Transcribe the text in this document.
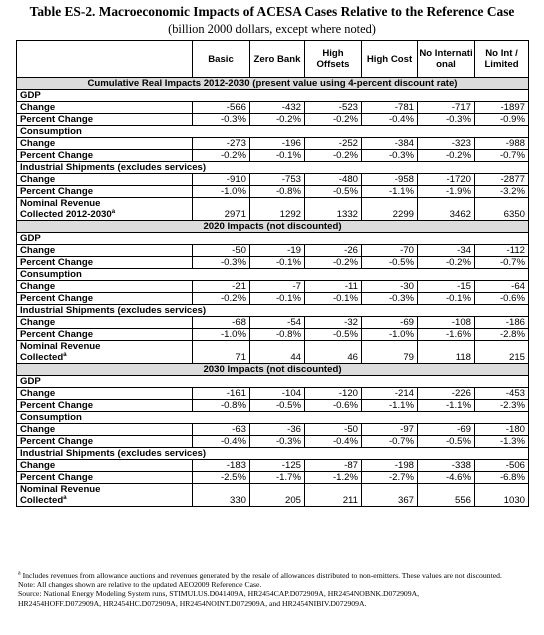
Table ES-2. Macroeconomic Impacts of ACESA Cases Relative to the Reference Case
(billion 2000 dollars, except where noted)
	Basic	Zero Bank	High Offsets	High Cost	No Internati onal	No Int / Limited
Cumulative Real Impacts 2012-2030 (present value using 4-percent discount rate)						
GDP						
Change	-566	-432	-523	-781	-717	-1897
Percent Change	-0.3%	-0.2%	-0.2%	-0.4%	-0.3%	-0.9%
Consumption						
Change	-273	-196	-252	-384	-323	-988
Percent Change	-0.2%	-0.1%	-0.2%	-0.3%	-0.2%	-0.7%
Industrial Shipments (excludes services)						
Change	-910	-753	-480	-958	-1720	-2877
Percent Change	-1.0%	-0.8%	-0.5%	-1.1%	-1.9%	-3.2%
Nominal Revenue
Collected 2012-2030$^a$	2971	1292	1332	2299	3462	6350
2020 Impacts (not discounted)						
GDP						
Change	-50	-19	-26	-70	-34	-112
Percent Change	-0.3%	-0.1%	-0.2%	-0.5%	-0.2%	-0.7%
Consumption						
Change	-21	-7	-11	-30	-15	-64
Percent Change	-0.2%	-0.1%	-0.1%	-0.3%	-0.1%	-0.6%
Industrial Shipments (excludes services)						
Change	-68	-54	-32	-69	-108	-186
Percent Change	-1.0%	-0.8%	-0.5%	-1.0%	-1.6%	-2.8%
Nominal Revenue
Collected$^a$	71	44	46	79	118	215
2030 Impacts (not discounted)						
GDP						
Change	-161	-104	-120	-214	-226	-453
Percent Change	-0.8%	-0.5%	-0.6%	-1.1%	-1.1%	-2.3%
Consumption						
Change	-63	-36	-50	-97	-69	-180
Percent Change	-0.4%	-0.3%	-0.4%	-0.7%	-0.5%	-1.3%
Industrial Shipments (excludes services)						
Change	-183	-125	-87	-198	-338	-506
Percent Change	-2.5%	-1.7%	-1.2%	-2.7%	-4.6%	-6.8%
Nominal Revenue
Collected$^a$	330	205	211	367	556	1030
$^a$ Includes revenues from allowance auctions and revenues generated by the resale of allowances distributed to non-emitters. These values are not discounted.
Note: All changes shown are relative to the updated AEO2009 Reference Case.
Source: National Energy Modeling System runs, STIMULUS.D041409A, HR2454CAP.D072909A, HR2454NOBNK.D072909A,
HR2454HOFF.D072909A, HR2454HC.D072909A, HR2454NOINT.D072909A, and HR2454NIBIV.D072909A.
